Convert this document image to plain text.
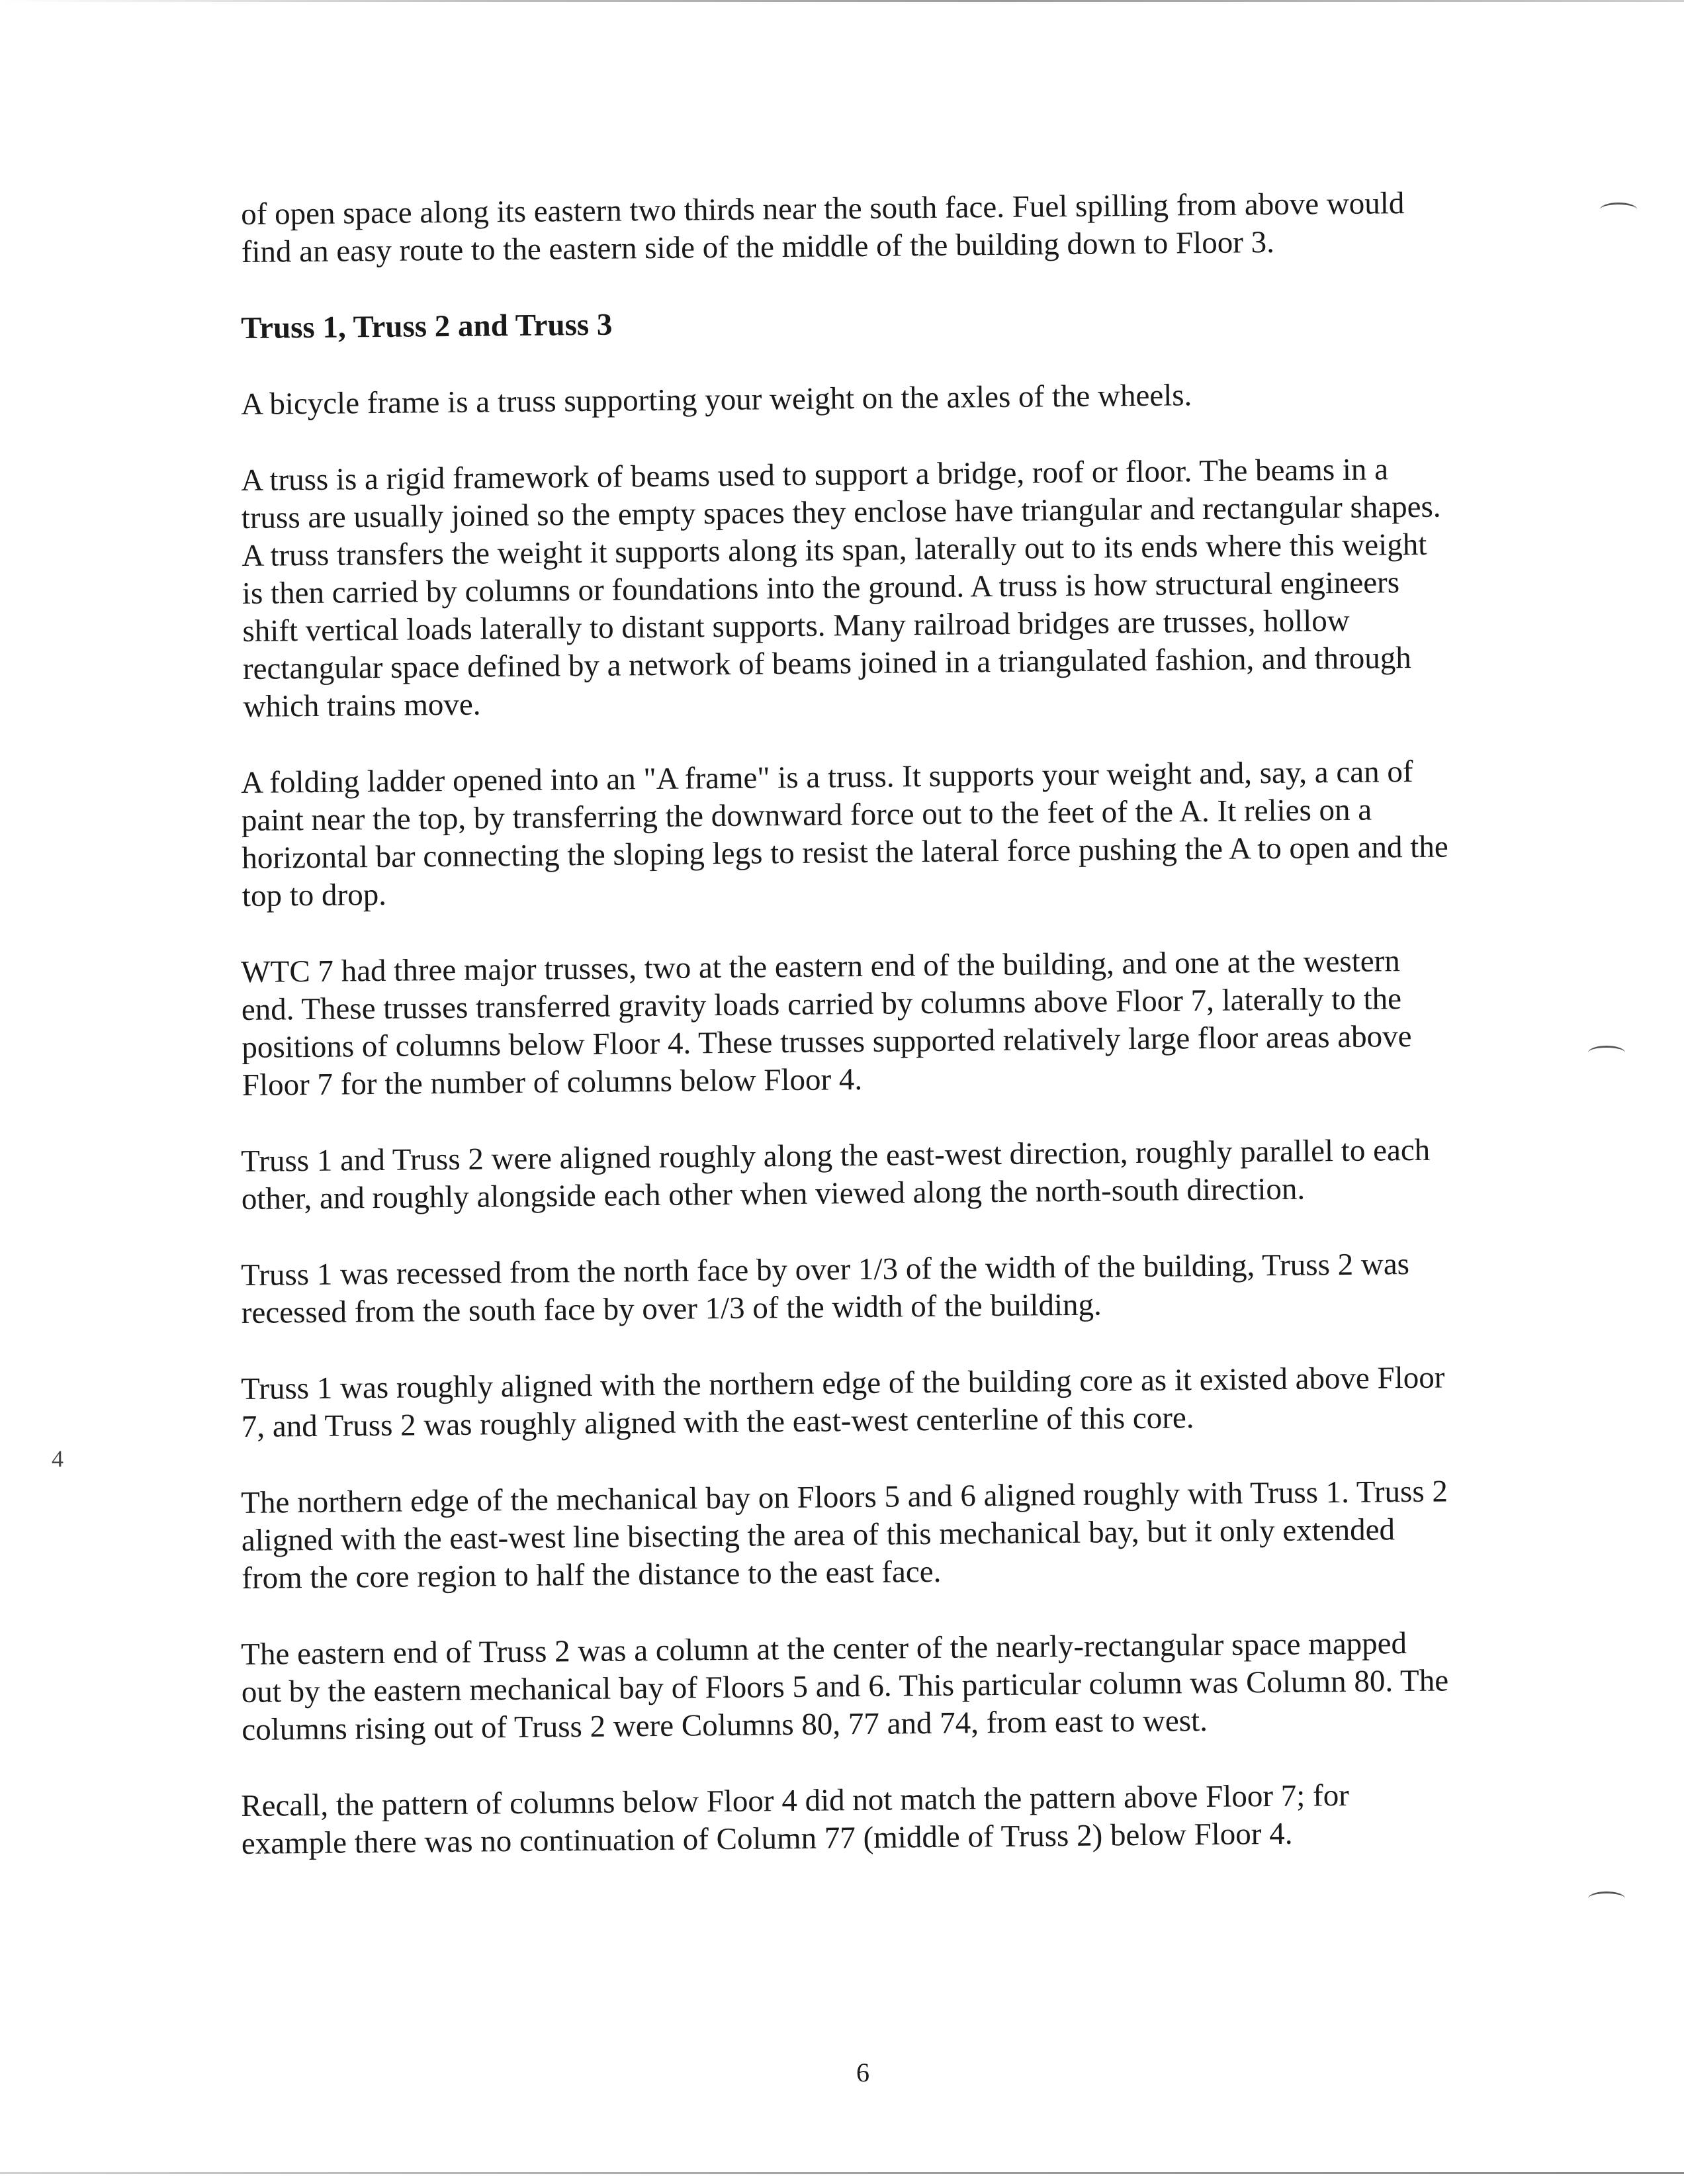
of open space along its eastern two thirds near the south face. Fuel spilling from above would find an easy route to the eastern side of the middle of the building down to Floor 3.

Truss 1, Truss 2 and Truss 3

A bicycle frame is a truss supporting your weight on the axles of the wheels.

A truss is a rigid framework of beams used to support a bridge, roof or floor. The beams in a truss are usually joined so the empty spaces they enclose have triangular and rectangular shapes. A truss transfers the weight it supports along its span, laterally out to its ends where this weight is then carried by columns or foundations into the ground. A truss is how structural engineers shift vertical loads laterally to distant supports. Many railroad bridges are trusses, hollow rectangular space defined by a network of beams joined in a triangulated fashion, and through which trains move.

A folding ladder opened into an "A frame" is a truss. It supports your weight and, say, a can of paint near the top, by transferring the downward force out to the feet of the A. It relies on a horizontal bar connecting the sloping legs to resist the lateral force pushing the A to open and the top to drop.

WTC 7 had three major trusses, two at the eastern end of the building, and one at the western end. These trusses transferred gravity loads carried by columns above Floor 7, laterally to the positions of columns below Floor 4. These trusses supported relatively large floor areas above Floor 7 for the number of columns below Floor 4.

Truss 1 and Truss 2 were aligned roughly along the east-west direction, roughly parallel to each other, and roughly alongside each other when viewed along the north-south direction.

Truss 1 was recessed from the north face by over 1/3 of the width of the building, Truss 2 was recessed from the south face by over 1/3 of the width of the building.

Truss 1 was roughly aligned with the northern edge of the building core as it existed above Floor 7, and Truss 2 was roughly aligned with the east-west centerline of this core.

The northern edge of the mechanical bay on Floors 5 and 6 aligned roughly with Truss 1. Truss 2 aligned with the east-west line bisecting the area of this mechanical bay, but it only extended from the core region to half the distance to the east face.

The eastern end of Truss 2 was a column at the center of the nearly-rectangular space mapped out by the eastern mechanical bay of Floors 5 and 6. This particular column was Column 80. The columns rising out of Truss 2 were Columns 80, 77 and 74, from east to west.

Recall, the pattern of columns below Floor 4 did not match the pattern above Floor 7; for example there was no continuation of Column 77 (middle of Truss 2) below Floor 4.

6
4
